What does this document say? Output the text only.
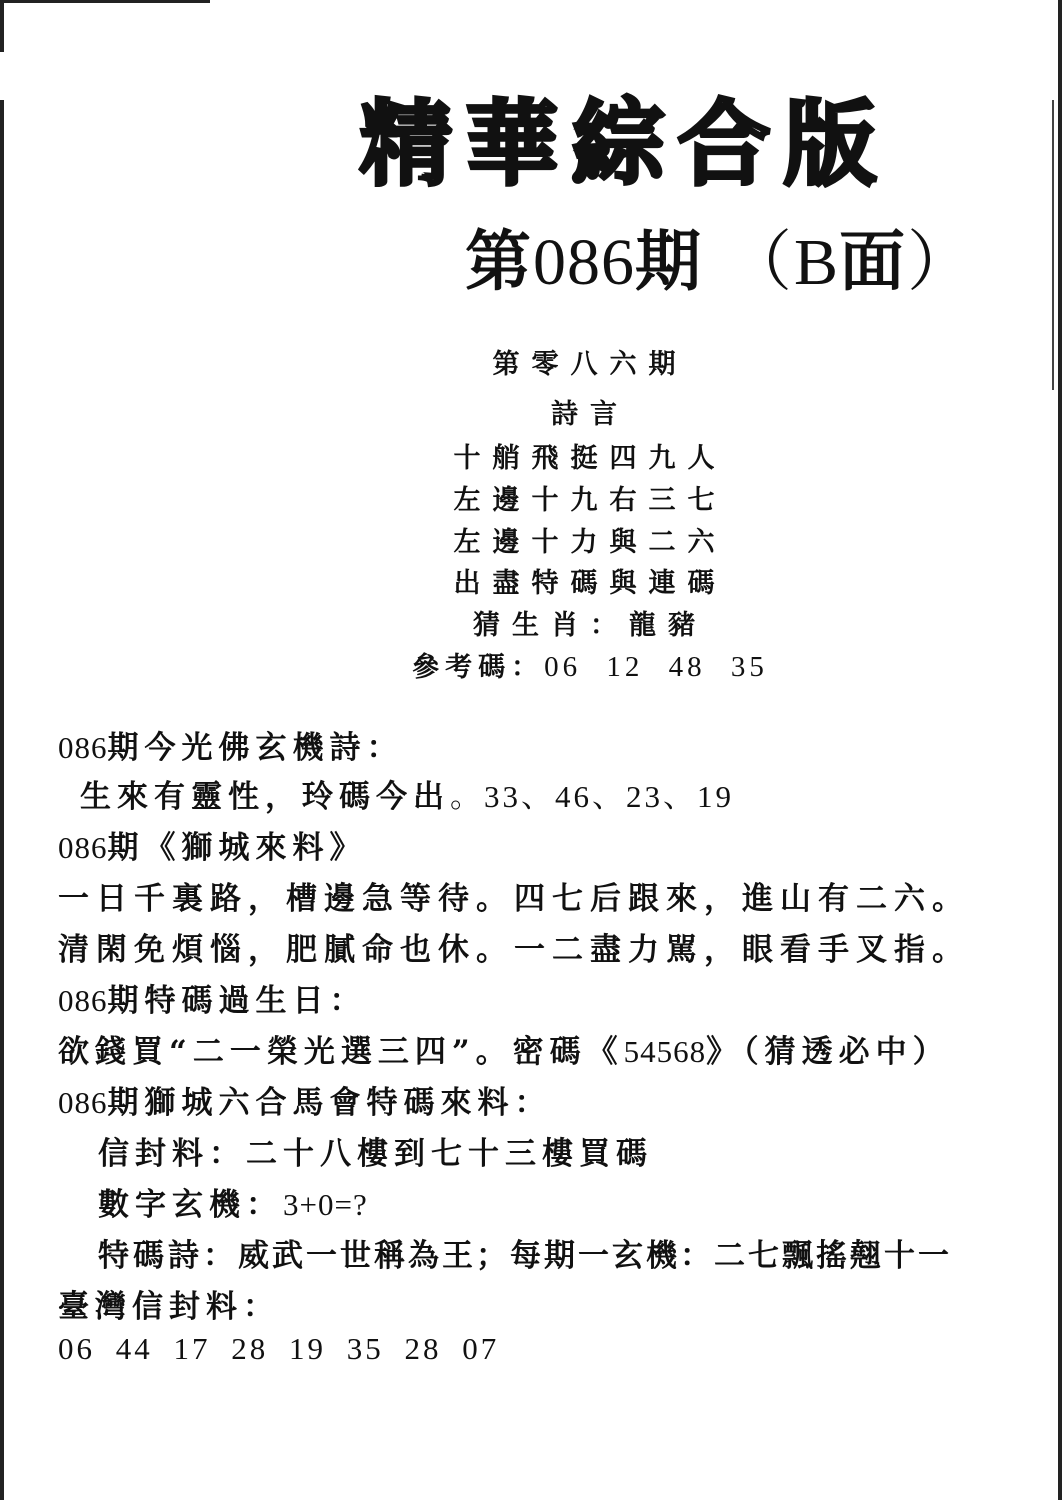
精華綜合版
第086期 （B面）
第零八六期
詩言
十艄飛挺四九人
左邊十九右三七
左邊十力與二六
出盡特碼與連碼
猜生肖：龍豬
參考碼：06 12 48 35
086期今光佛玄機詩：
生來有靈性，玲碼今出。33、46、23、19
086期《獅城來料》
一日千裏路，槽邊急等待。四七后跟來，進山有二六。
清閑免煩惱，肥膩命也休。一二盡力駡，眼看手叉指。
086期特碼過生日：
欲錢買“二一榮光選三四”。密碼《54568》（猜透必中）
086期獅城六合馬會特碼來料：
信封料：二十八樓到七十三樓買碼
數字玄機：3+0=?
特碼詩：威武一世稱為王；每期一玄機：二七飄搖翹十一
臺灣信封料：
06 44 17 28 19 35 28 07
